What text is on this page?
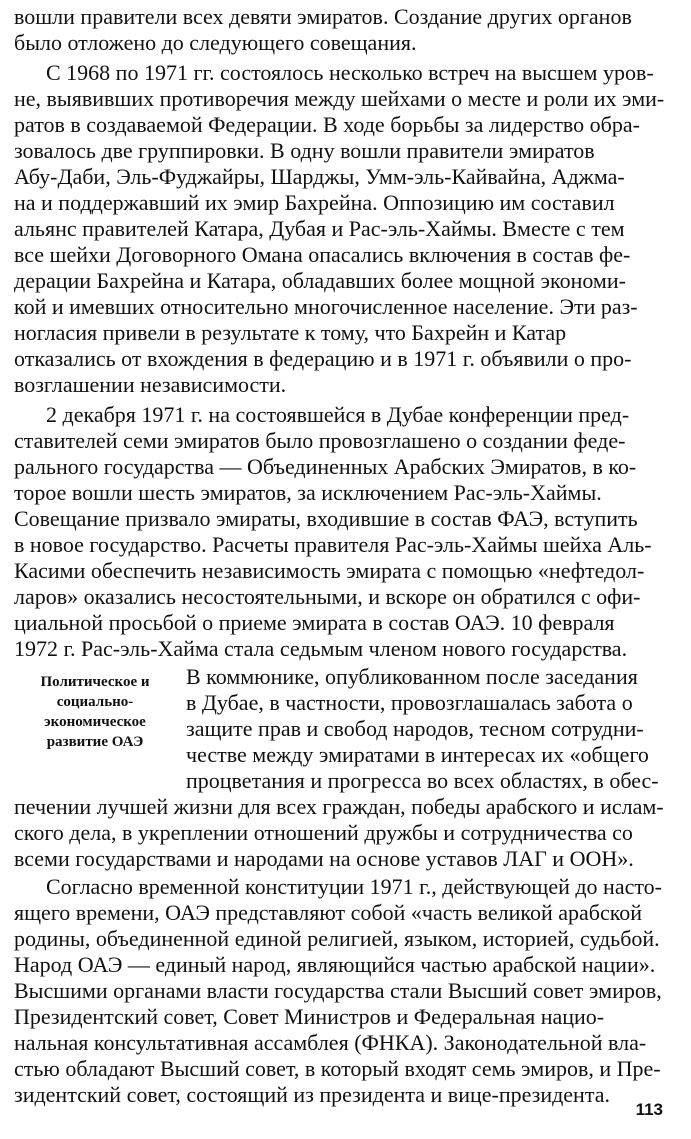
вошли правители всех девяти эмиратов. Создание других органов
было отложено до следующего совещания.
С 1968 по 1971 гг. состоялось несколько встреч на высшем уров-
не, выявивших противоречия между шейхами о месте и роли их эми-
ратов в создаваемой Федерации. В ходе борьбы за лидерство обра-
зовалось две группировки. В одну вошли правители эмиратов
Абу-Даби, Эль-Фуджайры, Шарджы, Умм-эль-Кайвайна, Аджма-
на и поддержавший их эмир Бахрейна. Оппозицию им составил
альянс правителей Катара, Дубая и Рас-эль-Хаймы. Вместе с тем
все шейхи Договорного Омана опасались включения в состав фе-
дерации Бахрейна и Катара, обладавших более мощной экономи-
кой и имевших относительно многочисленное население. Эти раз-
ногласия привели в результате к тому, что Бахрейн и Катар
отказались от вхождения в федерацию и в 1971 г. объявили о про-
возглашении независимости.
2 декабря 1971 г. на состоявшейся в Дубае конференции пред-
ставителей семи эмиратов было провозглашено о создании феде-
рального государства — Объединенных Арабских Эмиратов, в ко-
торое вошли шесть эмиратов, за исключением Рас-эль-Хаймы.
Совещание призвало эмираты, входившие в состав ФАЭ, вступить
в новое государство. Расчеты правителя Рас-эль-Хаймы шейха Аль-
Касими обеспечить независимость эмирата с помощью «нефтедол-
ларов» оказались несостоятельными, и вскоре он обратился с офи-
циальной просьбой о приеме эмирата в состав ОАЭ. 10 февраля
1972 г. Рас-эль-Хайма стала седьмым членом нового государства.
Политическое и
социально-
экономическое
развитие ОАЭ
В коммюнике, опубликованном после заседания
в Дубае, в частности, провозглашалась забота о
защите прав и свобод народов, тесном сотрудни-
честве между эмиратами в интересах их «общего
процветания и прогресса во всех областях, в обес-
печении лучшей жизни для всех граждан, победы арабского и ислам-
ского дела, в укреплении отношений дружбы и сотрудничества со
всеми государствами и народами на основе уставов ЛАГ и ООН».
Согласно временной конституции 1971 г., действующей до насто-
ящего времени, ОАЭ представляют собой «часть великой арабской
родины, объединенной единой религией, языком, историей, судьбой.
Народ ОАЭ — единый народ, являющийся частью арабской нации».
Высшими органами власти государства стали Высший совет эмиров,
Президентский совет, Совет Министров и Федеральная нацио-
нальная консультативная ассамблея (ФНКА). Законодательной вла-
стью обладают Высший совет, в который входят семь эмиров, и Пре-
зидентский совет, состоящий из президента и вице-президента.
113
